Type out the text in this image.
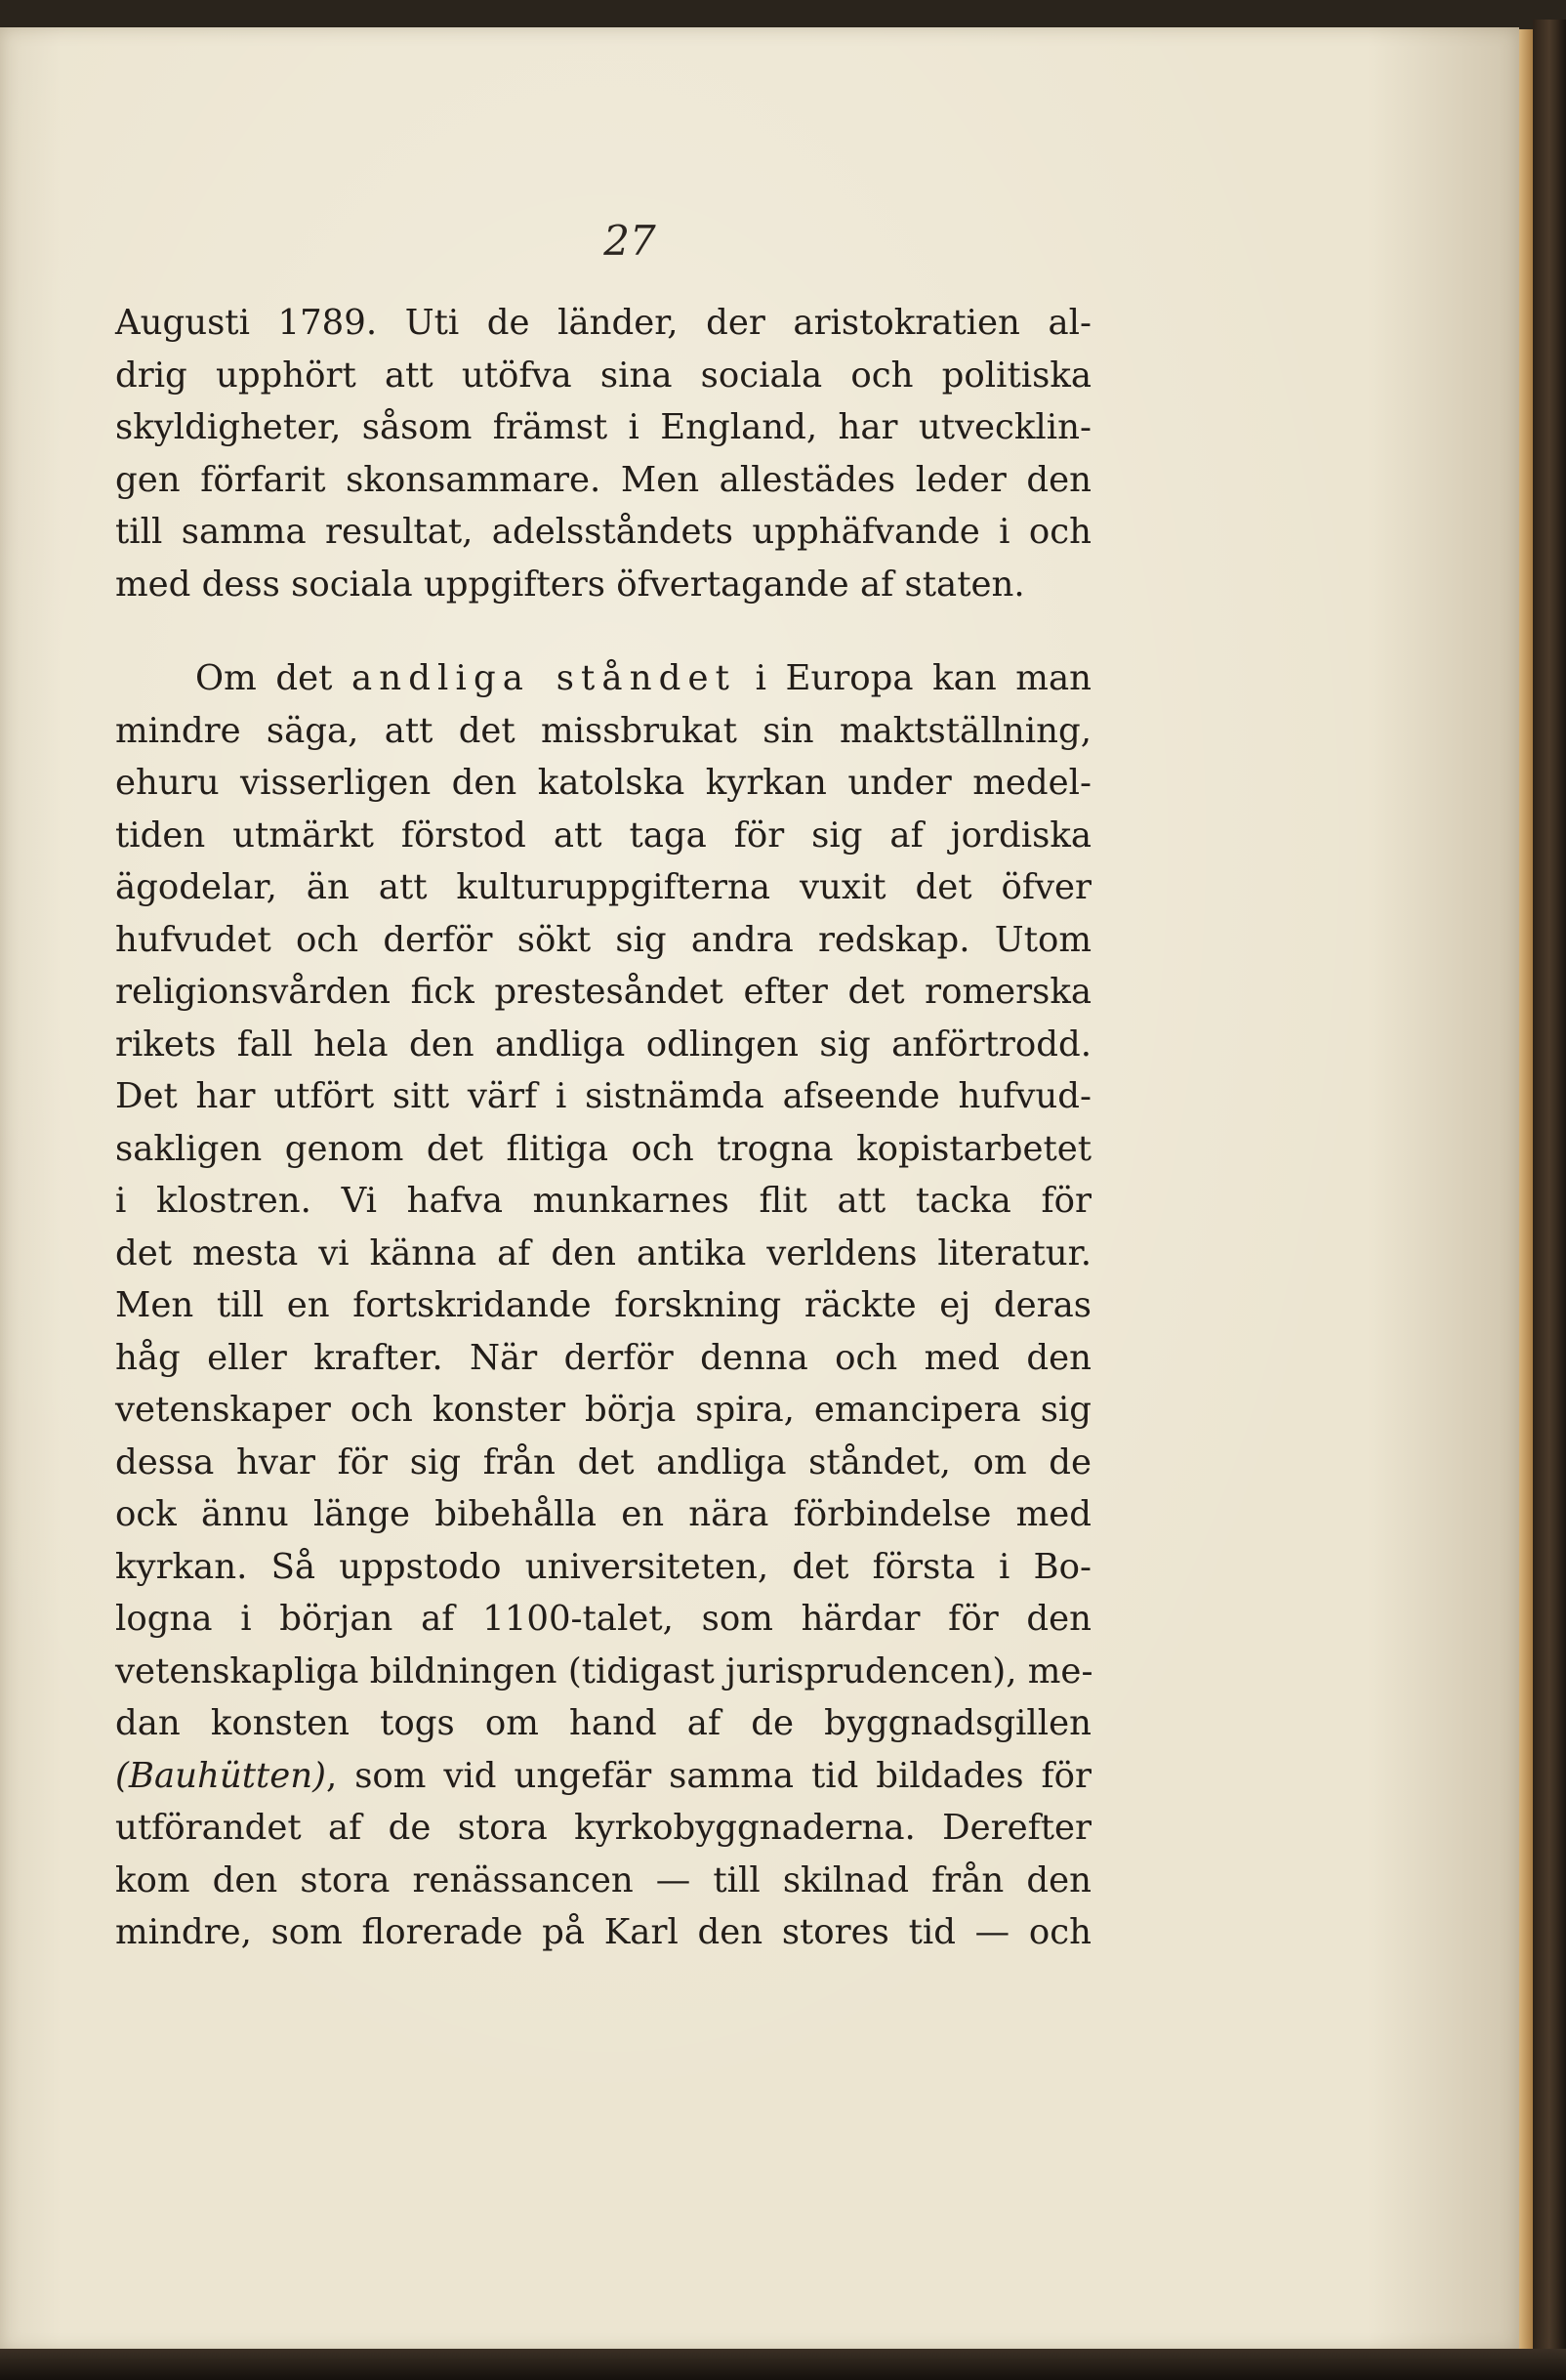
27
Augusti 1789. Uti de länder, der aristokratien al-
drig upphört att utöfva sina sociala och politiska
skyldigheter, såsom främst i England, har utvecklin-
gen förfarit skonsammare. Men allestädes leder den
till samma resultat, adelsståndets upphäfvande i och
med dess sociala uppgifters öfvertagande af staten.
Om det andliga ståndet i Europa kan man
mindre säga, att det missbrukat sin maktställning,
ehuru visserligen den katolska kyrkan under medel-
tiden utmärkt förstod att taga för sig af jordiska
ägodelar, än att kulturuppgifterna vuxit det öfver
hufvudet och derför sökt sig andra redskap. Utom
religionsvården fick prestesåndet efter det romerska
rikets fall hela den andliga odlingen sig anförtrodd.
Det har utfört sitt värf i sistnämda afseende hufvud-
sakligen genom det flitiga och trogna kopistarbetet
i klostren. Vi hafva munkarnes flit att tacka för
det mesta vi känna af den antika verldens literatur.
Men till en fortskridande forskning räckte ej deras
håg eller krafter. När derför denna och med den
vetenskaper och konster börja spira, emancipera sig
dessa hvar för sig från det andliga ståndet, om de
ock ännu länge bibehålla en nära förbindelse med
kyrkan. Så uppstodo universiteten, det första i Bo-
logna i början af 1100-talet, som härdar för den
vetenskapliga bildningen (tidigast jurisprudencen), me-
dan konsten togs om hand af de byggnadsgillen
(Bauhütten), som vid ungefär samma tid bildades för
utförandet af de stora kyrkobyggnaderna. Derefter
kom den stora renässancen — till skilnad från den
mindre, som florerade på Karl den stores tid — och
